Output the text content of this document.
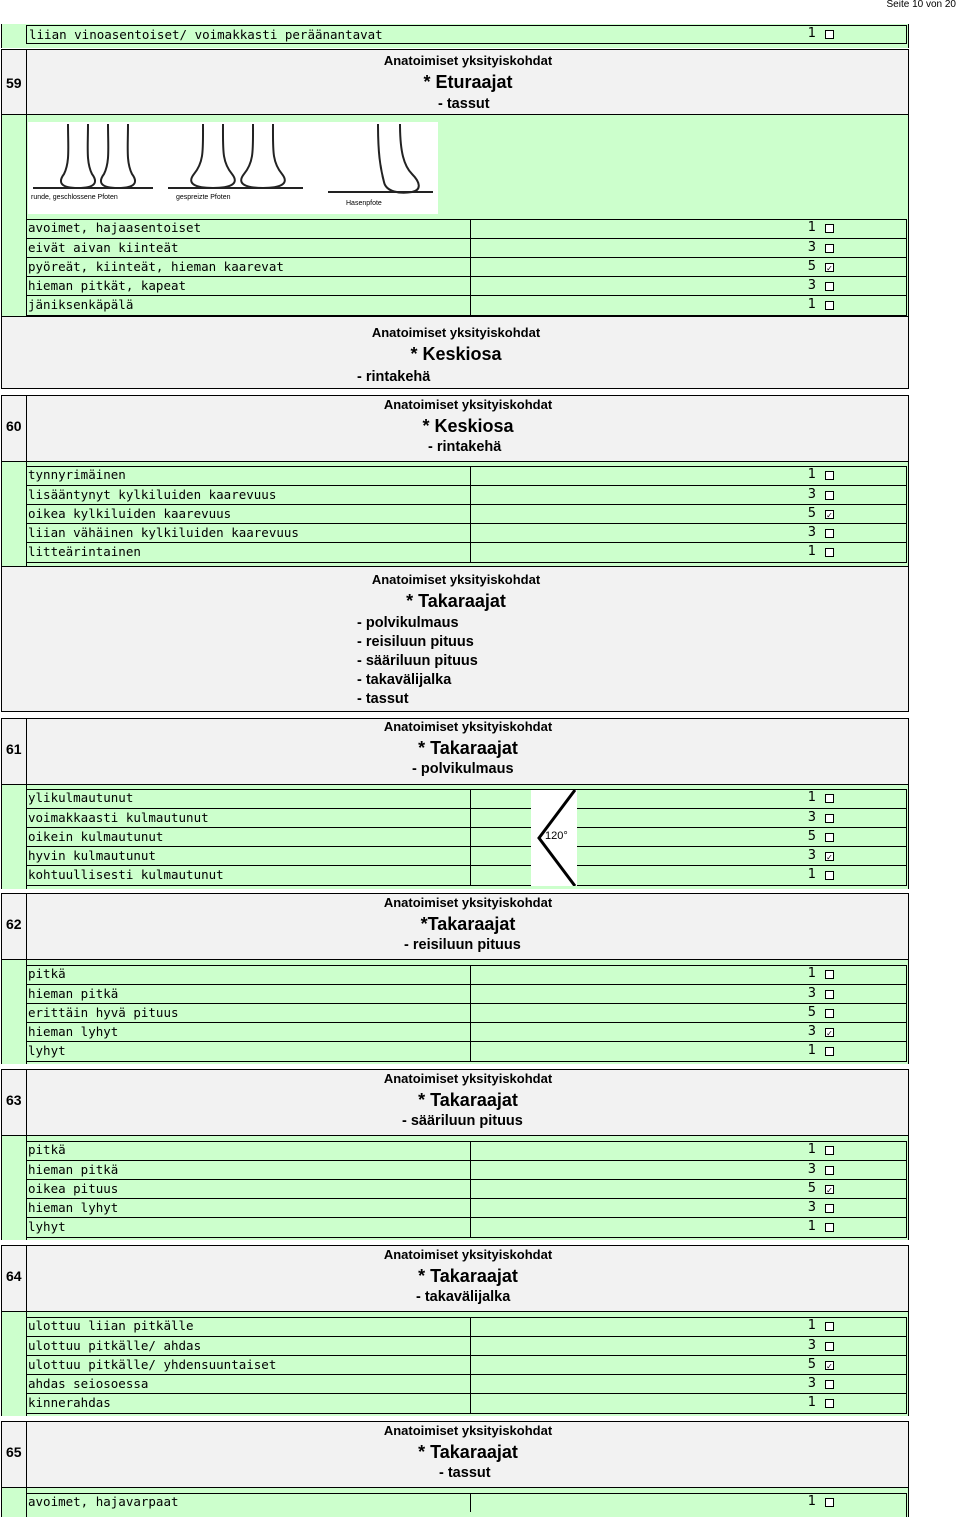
Seite 10 von 20
liian vinoasentoiset/ voimakkasti peräänantavat	1
59
Anatoimiset yksityiskohdat
* Eturaajat
- tassut
runde, geschlossene Pfoten	gespreizte Pfoten
Hasenpfote
avoimet, hajaasentoiset	1
eivät aivan kiinteät	3
pyöreät, kiinteät, hieman kaarevat	5 ✓
hieman pitkät, kapeat	3
jäniksenkäpälä	1
Anatoimiset yksityiskohdat
* Keskiosa
- rintakehä
60
Anatoimiset yksityiskohdat
* Keskiosa
- rintakehä
tynnyrimäinen	1
lisääntynyt kylkiluiden kaarevuus	3
oikea kylkiluiden kaarevuus	5 ✓
liian vähäinen kylkiluiden kaarevuus	3
litteärintainen	1
Anatoimiset yksityiskohdat
* Takaraajat
- polvikulmaus
- reisiluun pituus
- sääriluun pituus
- takavälijalka
- tassut
61
Anatoimiset yksityiskohdat
* Takaraajat
- polvikulmaus
ylikulmautunut	1
voimakkaasti kulmautunut	3
oikein kulmautunut	5
hyvin kulmautunut	3 ✓
kohtuullisesti kulmautunut	1
120°
62
Anatoimiset yksityiskohdat
*Takaraajat
- reisiluun pituus
pitkä	1
hieman pitkä	3
erittäin hyvä pituus	5
hieman lyhyt	3 ✓
lyhyt	1
63
Anatoimiset yksityiskohdat
* Takaraajat
- sääriluun pituus
pitkä	1
hieman pitkä	3
oikea pituus	5 ✓
hieman lyhyt	3
lyhyt	1
64
Anatoimiset yksityiskohdat
* Takaraajat
- takavälijalka
ulottuu liian pitkälle	1
ulottuu pitkälle/ ahdas	3
ulottuu pitkälle/ yhdensuuntaiset	5 ✓
ahdas seiosoessa	3
kinnerahdas	1
65
Anatoimiset yksityiskohdat
* Takaraajat
- tassut
avoimet, hajavarpaat	1
